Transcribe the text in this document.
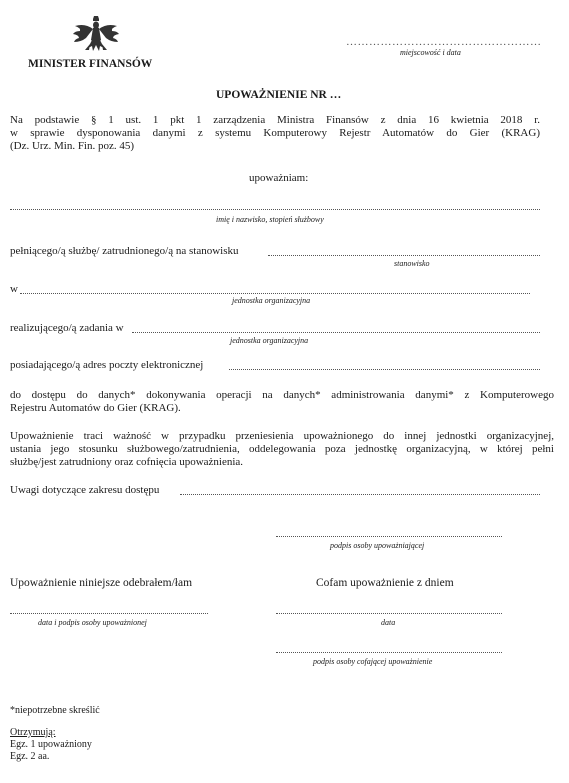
MINISTER FINANSÓW
……………………………………………
miejscowość i data
UPOWAŻNIENIE NR …
Na podstawie § 1 ust. 1 pkt 1 zarządzenia Ministra Finansów z dnia 16 kwietnia 2018 r.
w sprawie dysponowania danymi z systemu Komputerowy Rejestr Automatów do Gier (KRAG)
(Dz. Urz. Min. Fin. poz. 45)
upoważniam:
imię i nazwisko, stopień służbowy
pełniącego/ą służbę/ zatrudnionego/ą na stanowisku
stanowisko
w
jednostka organizacyjna
realizującego/ą zadania w
jednostka organizacyjna
posiadającego/ą adres poczty elektronicznej
do dostępu do danych* dokonywania operacji na danych* administrowania danymi* z Komputerowego
Rejestru Automatów do Gier (KRAG).
Upoważnienie traci ważność w przypadku przeniesienia upoważnionego do innej jednostki organizacyjnej,
ustania jego stosunku służbowego/zatrudnienia, oddelegowania poza jednostkę organizacyjną, w której pełni
służbę/jest zatrudniony oraz cofnięcia upoważnienia.
Uwagi dotyczące zakresu dostępu
podpis osoby upoważniającej
Upoważnienie niniejsze odebrałem/łam	Cofam upoważnienie z dniem
data i podpis osoby upoważnionej	data
podpis osoby cofającej upoważnienie
*niepotrzebne skreślić
Otrzymują:
Egz. 1 upoważniony
Egz. 2 aa.
